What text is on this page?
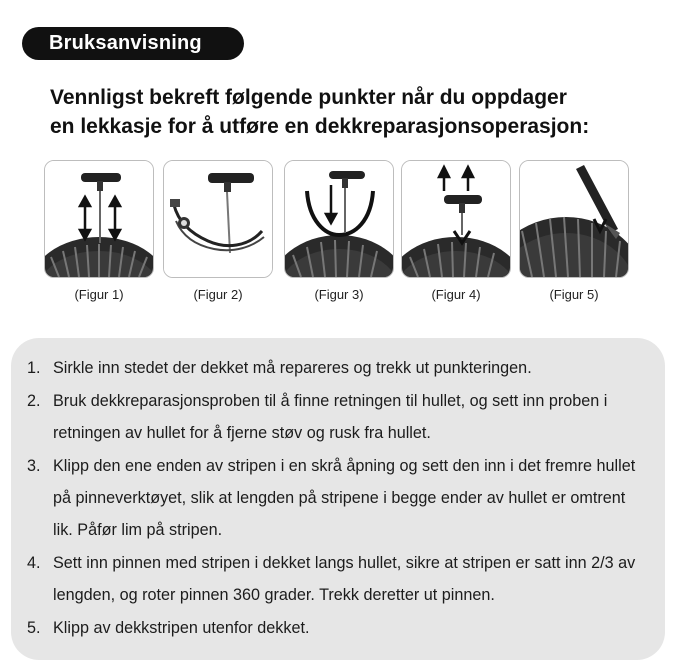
Bruksanvisning
Vennligst bekreft følgende punkter når du oppdager
en lekkasje for å utføre en dekkreparasjonsoperasjon:
(Figur 1)	(Figur 2)	(Figur 3)	(Figur 4)	(Figur 5)
1. Sirkle inn stedet der dekket må repareres og trekk ut punkteringen.
2. Bruk dekkreparasjonsproben til å finne retningen til hullet, og sett inn proben i retningen av hullet for å fjerne støv og rusk fra hullet.
3. Klipp den ene enden av stripen i en skrå åpning og sett den inn i det fremre hullet på pinneverktøyet, slik at lengden på stripene i begge ender av hullet er omtrent lik. Påfør lim på stripen.
4. Sett inn pinnen med stripen i dekket langs hullet, sikre at stripen er satt inn 2/3 av lengden, og roter pinnen 360 grader. Trekk deretter ut pinnen.
5. Klipp av dekkstripen utenfor dekket.
